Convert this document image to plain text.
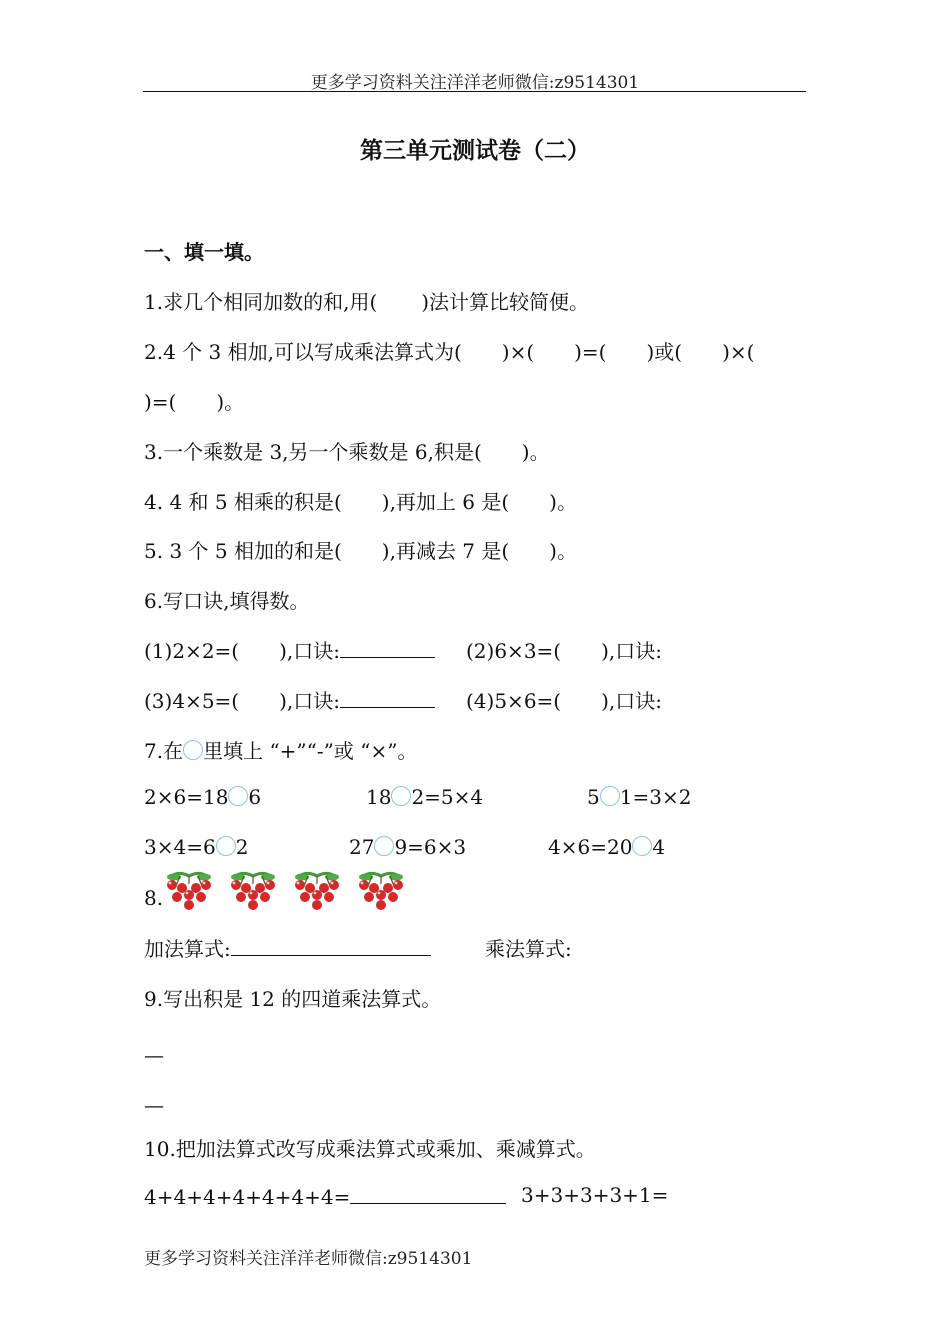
更多学习资料关注洋洋老师微信:z9514301
第三单元测试卷（二）
一、填一填。
1.求几个相同加数的和,用( )法计算比较简便。
2.4 个 3 相加,可以写成乘法算式为(　　)×(　　)=(　　)或(　　)×(
)=(　　)。
3.一个乘数是 3,另一个乘数是 6,积是(　　)。
4. 4 和 5 相乘的积是(　　),再加上 6 是(　　)。
5. 3 个 5 相加的和是(　　),再减去 7 是(　　)。
6.写口诀,填得数。
(1)2×2=(　　),口诀:	(2)6×3=(　　),口诀:
(3)4×5=(　　),口诀:	(4)5×6=(　　),口诀:
7.在 里填上 “+”“-”或 “×”。
2×6=18 6	18 2=5×4	5 1=3×2
3×4=6 2	27 9=6×3	4×6=20 4
8.
加法算式:	乘法算式:
9.写出积是 12 的四道乘法算式。
—
—
10.把加法算式改写成乘法算式或乘加、乘减算式。
4+4+4+4+4+4+4=	3+3+3+3+1=
更多学习资料关注洋洋老师微信:z9514301
